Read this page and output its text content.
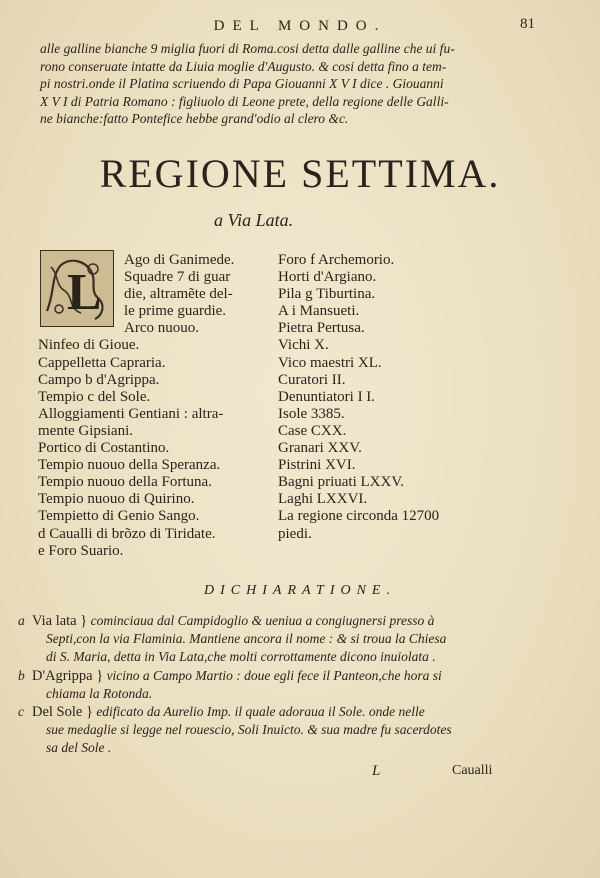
DEL MONDO.	81
alle galline bianche 9 miglia fuori di Roma.cosi detta dalle galline che ui fu-
rono conseruate intatte da Liuia moglie d'Augusto. & cosi detta fino a tem-
pi nostri.onde il Platina scriuendo di Papa Giouanni X V I dice . Giouanni
X V I di Patria Romano : figliuolo di Leone prete, della regione delle Galli-
ne bianche:fatto Pontefice hebbe grand'odio al clero &c.
REGIONE SETTIMA.
a Via Lata.
L
Ago di Ganimede.
Squadre 7 di guar
die, altramẽte del-
le prime guardie.
Arco nuouo.
Ninfeo di Gioue.
Cappelletta Capraria.
Campo b d'Agrippa.
Tempio c del Sole.
Alloggiamenti Gentiani : altra-
mente Gipsiani.
Portico di Costantino.
Tempio nuouo della Speranza.
Tempio nuouo della Fortuna.
Tempio nuouo di Quirino.
Tempietto di Genio Sango.
d Caualli di brõzo di Tiridate.
e Foro Suario.
Foro f Archemorio.
Horti d'Argiano.
Pila g Tiburtina.
A i Mansueti.
Pietra Pertusa.
Vichi X.
Vico maestri XL.
Curatori II.
Denuntiatori I I.
Isole 3385.
Case CXX.
Granari XXV.
Pistrini XVI.
Bagni priuati LXXV.
Laghi LXXVI.
La regione circonda 12700
piedi.
DICHIARATIONE.
a Via lata } cominciaua dal Campidoglio & ueniua a congiugnersi presso à
Septi,con la via Flaminia. Mantiene ancora il nome : & si troua la Chiesa
di S. Maria, detta in Via Lata,che molti corrottamente dicono inuiolata .
b D'Agrippa } vicino a Campo Martio : doue egli fece il Panteon,che hora si
chiama la Rotonda.
c Del Sole } edificato da Aurelio Imp. il quale adoraua il Sole. onde nelle
sue medaglie si legge nel rouescio, Soli Inuicto. & sua madre fu sacerdotes
sa del Sole .
L	Caualli
